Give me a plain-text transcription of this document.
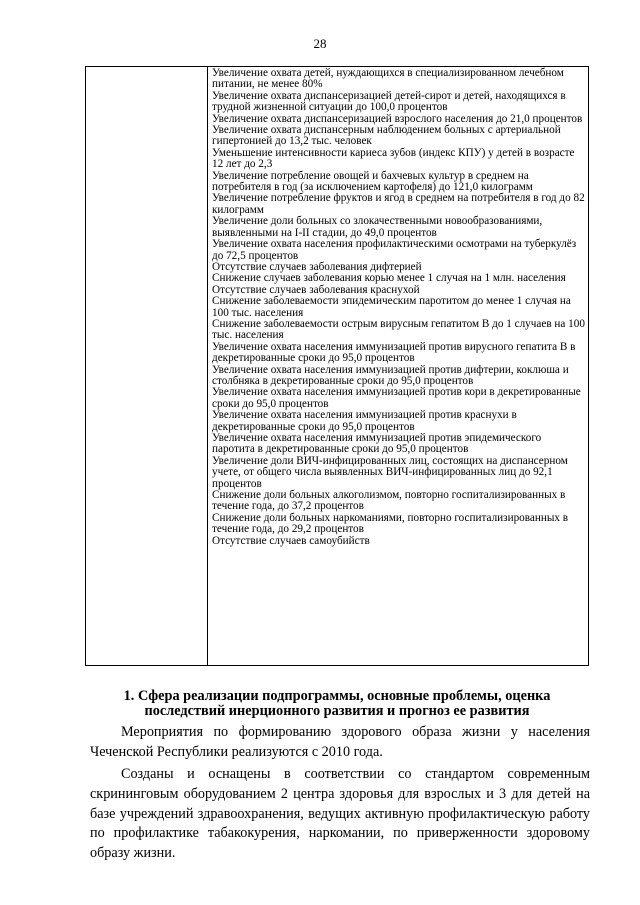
28
Увеличение охвата детей, нуждающихся в специализированном лечебном питании, не менее 80%
Увеличение охвата диспансеризацией детей-сирот и детей, находящихся в трудной жизненной ситуации до 100,0 процентов
Увеличение охвата диспансеризацией взрослого населения до 21,0 процентов
Увеличение охвата диспансерным наблюдением больных с артериальной гипертонией до 13,2 тыс. человек
Уменьшение интенсивности кариеса зубов (индекс КПУ) у детей в возрасте 12 лет до 2,3
Увеличение потребление овощей и бахчевых культур в среднем на потребителя в год (за исключением картофеля) до 121,0 килограмм
Увеличение потребление фруктов и ягод в среднем на потребителя в год до 82 килограмм
Увеличение доли больных со злокачественными новообразованиями, выявленными на I-II стадии, до 49,0 процентов
Увеличение охвата населения профилактическими осмотрами на туберкулёз до 72,5 процентов
Отсутствие случаев заболевания дифтерией
Снижение случаев заболевания корью менее 1 случая на 1 млн. населения
Отсутствие случаев заболевания краснухой
Снижение заболеваемости эпидемическим паротитом до менее 1 случая на 100 тыс. населения
Снижение заболеваемости острым вирусным гепатитом В до 1 случаев на 100 тыс. населения
Увеличение охвата населения иммунизацией против вирусного гепатита В в декретированные сроки до 95,0 процентов
Увеличение охвата населения иммунизацией против дифтерии, коклюша и столбняка в декретированные сроки до 95,0 процентов
Увеличение охвата населения иммунизацией против кори в декретированные сроки до 95,0 процентов
Увеличение охвата населения иммунизацией против краснухи в декретированные сроки до 95,0 процентов
Увеличение охвата населения иммунизацией против эпидемического паротита в декретированные сроки до 95,0 процентов
Увеличение доли ВИЧ-инфицированных лиц, состоящих на диспансерном учете, от общего числа выявленных ВИЧ-инфицированных лиц до 92,1 процентов
Снижение доли больных алкоголизмом, повторно госпитализированных в течение года, до 37,2 процентов
Снижение доли больных наркоманиями, повторно госпитализированных в течение года, до 29,2 процентов
Отсутствие случаев самоубийств
1. Сфера реализации подпрограммы, основные проблемы, оценка последствий инерционного развития и прогноз ее развития

Мероприятия по формированию здорового образа жизни у населения Чеченской Республики реализуются с 2010 года.

Созданы и оснащены в соответствии со стандартом современным скрининговым оборудованием 2 центра здоровья для взрослых и 3 для детей на базе учреждений здравоохранения, ведущих активную профилактическую работу по профилактике табакокурения, наркомании, по приверженности здоровому образу жизни.
